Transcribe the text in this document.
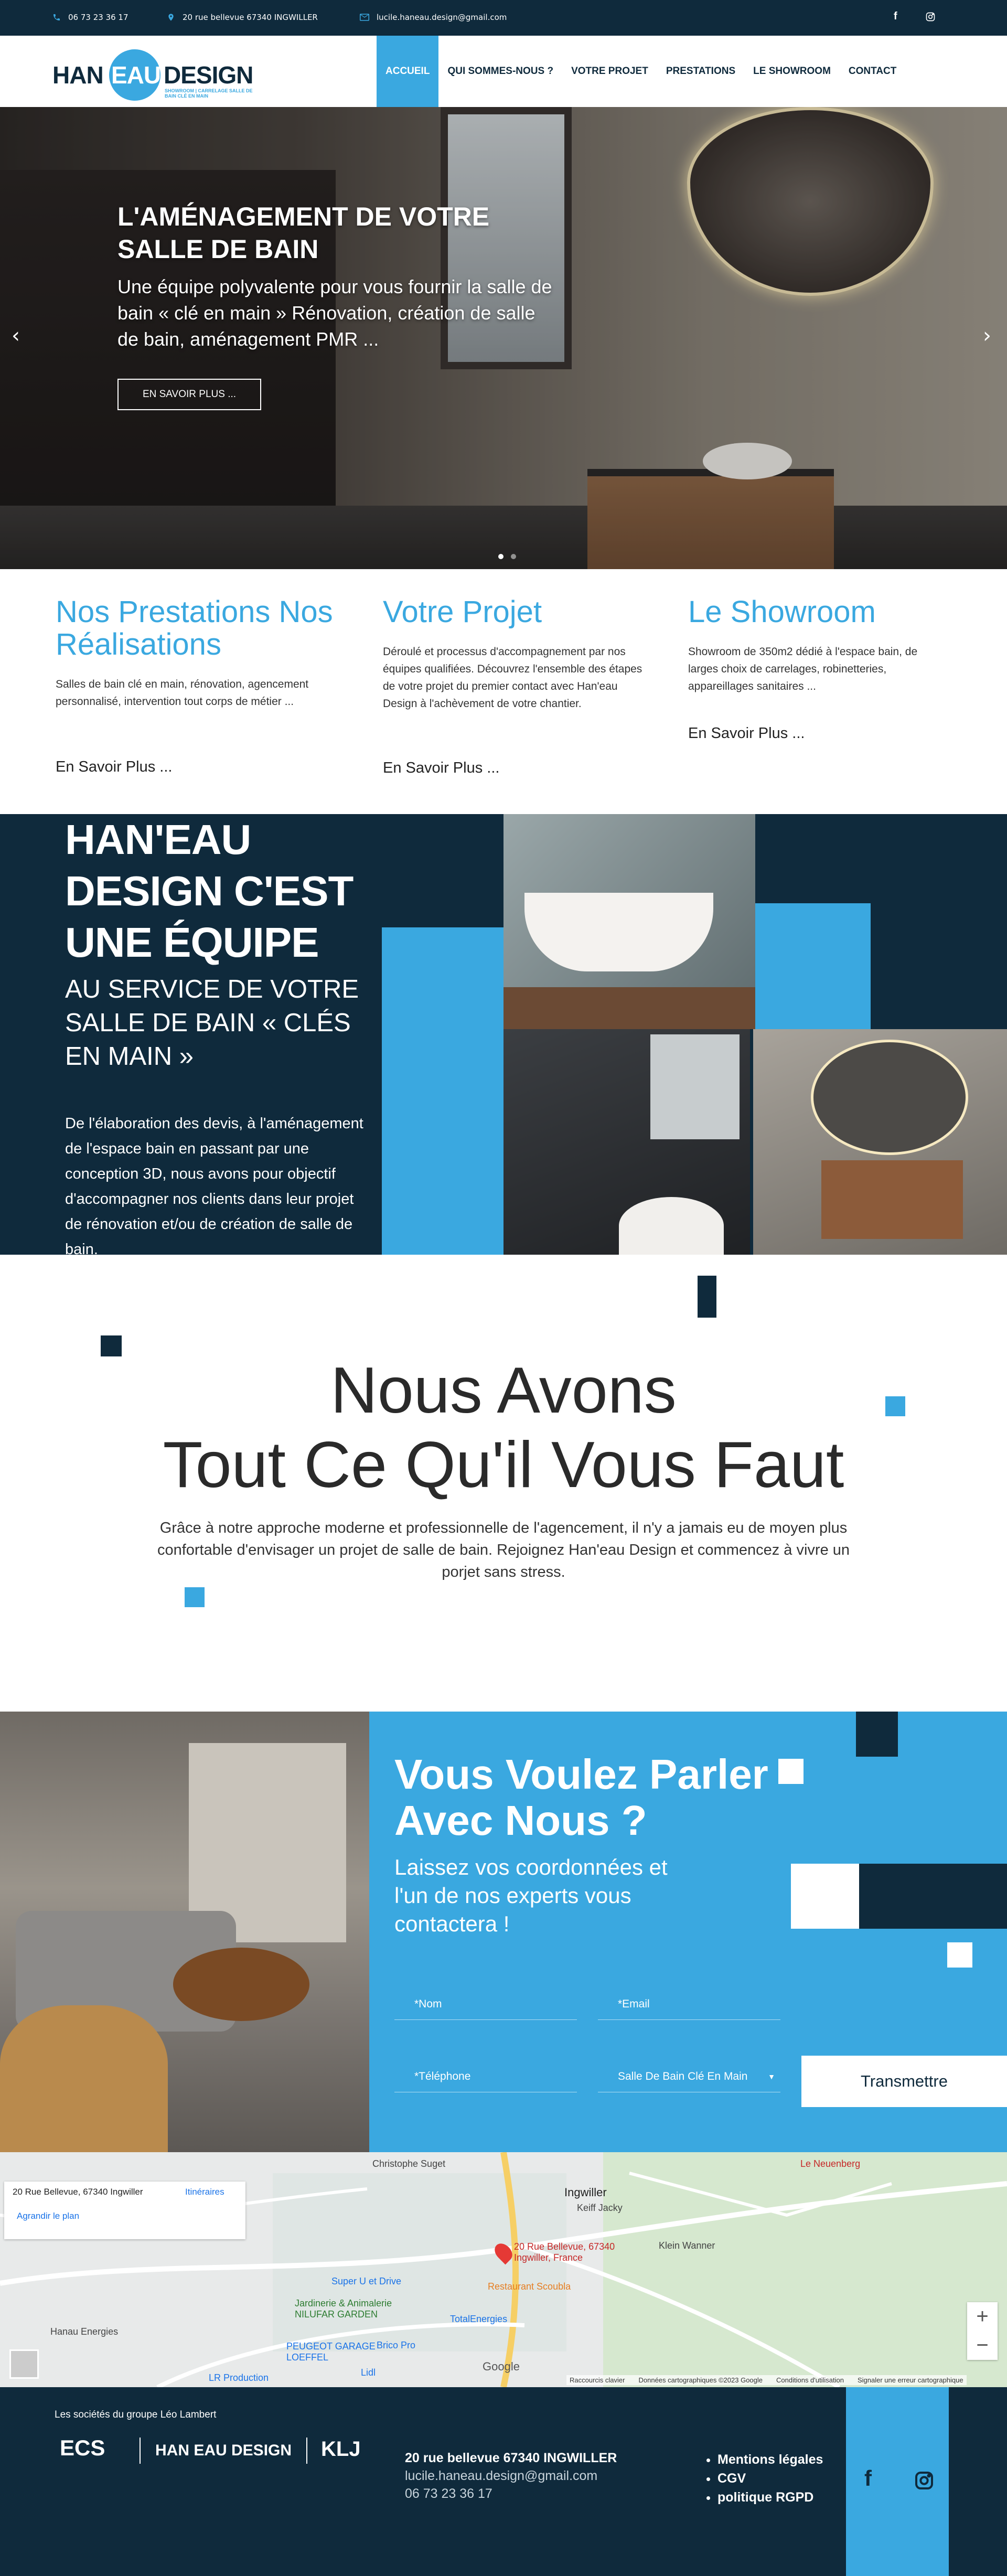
06 73 23 36 17	20 rue bellevue 67340 INGWILLER	lucile.haneau.design@gmail.com	f
HAN EAU DESIGN
SHOWROOM | CARRELAGE SALLE DE BAIN CLÉ EN MAIN
ACCUEIL	QUI SOMMES-NOUS ?	VOTRE PROJET	PRESTATIONS	LE SHOWROOM	CONTACT
L'AMÉNAGEMENT DE VOTRE SALLE DE BAIN

Une équipe polyvalente pour vous fournir la salle de bain « clé en main » Rénovation, création de salle de bain, aménagement PMR ...

EN SAVOIR PLUS ...
‹	›
Nos Prestations Nos Réalisations

Salles de bain clé en main, rénovation, agencement personnalisé, intervention tout corps de métier ...

En Savoir Plus ...
Votre Projet

Déroulé et processus d'accompagnement par nos équipes qualifiées. Découvrez l'ensemble des étapes de votre projet du premier contact avec Han'eau Design à l'achèvement de votre chantier.

En Savoir Plus ...
Le Showroom

Showroom de 350m2 dédié à l'espace bain, de larges choix de carrelages, robinetteries, appareillages sanitaires ...

En Savoir Plus ...
HAN'EAU DESIGN C'EST UNE ÉQUIPE
AU SERVICE DE VOTRE SALLE DE BAIN « CLÉS EN MAIN »

De l'élaboration des devis, à l'aménagement de l'espace bain en passant par une conception 3D, nous avons pour objectif d'accompagner nos clients dans leur projet de rénovation et/ou de création de salle de bain.

Nous Avons
Tout Ce Qu'il Vous Faut

Grâce à notre approche moderne et professionnelle de l'agencement, il n'y a jamais eu de moyen plus confortable d'envisager un projet de salle de bain. Rejoignez Han'eau Design et commencez à vivre un porjet sans stress.

Vous Voulez Parler Avec Nous ?
Laissez vos coordonnées et l'un de nos experts vous contactera !
*Nom	*Email
*Téléphone	Salle De Bain Clé En Main	▼	Transmettre
20 Rue Bellevue, 67340 Ingwiller	Itinéraires
Agrandir le plan
20 Rue Bellevue, 67340 Ingwiller, France
Ingwiller
Keiff Jacky
Klein Wanner
Le Neuenberg
Christophe Suget
Super U et Drive	Restaurant Scoubla
Jardinerie & Animalerie NILUFAR GARDEN	TotalEnergies
PEUGEOT GARAGE LOEFFEL
Brico Pro
Hanau Energies
LR Production	Lidl	Google
+
−
Raccourcis clavier Données cartographiques ©2023 Google Conditions d'utilisation Signaler une erreur cartographique
Les sociétés du groupe Léo Lambert
ECS	HAN EAU DESIGN KLJ	20 rue bellevue 67340 INGWILLER
lucile.haneau.design@gmail.com
06 73 23 36 17
• Mentions légales
• CGV
• politique RGPD
f
